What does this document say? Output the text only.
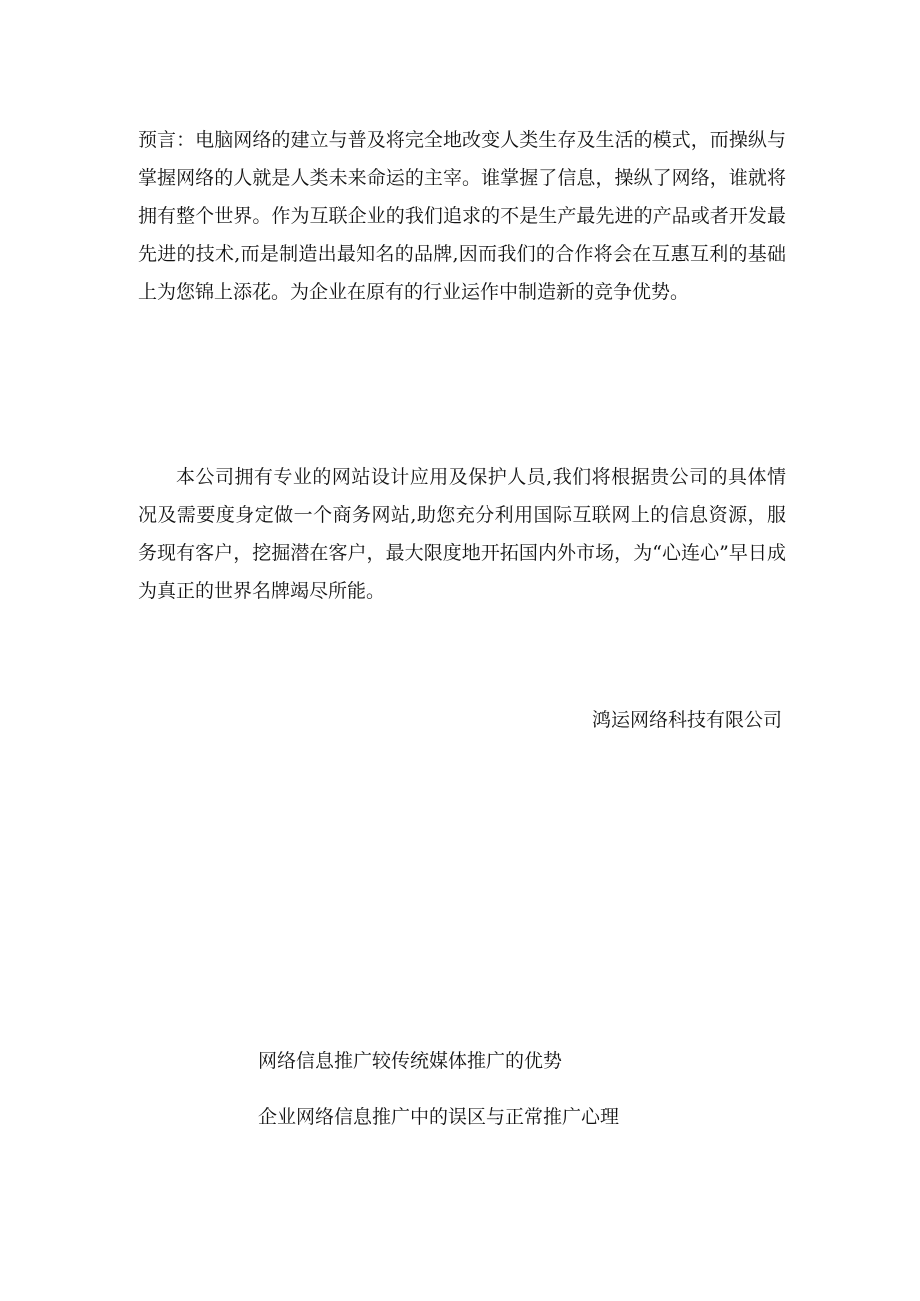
预言：电脑网络的建立与普及将完全地改变人类生存及生活的模式，而操纵与掌握网络的人就是人类未来命运的主宰。谁掌握了信息，操纵了网络，谁就将拥有整个世界。作为互联企业的我们追求的不是生产最先进的产品或者开发最先进的技术,而是制造出最知名的品牌,因而我们的合作将会在互惠互利的基础上为您锦上添花。为企业在原有的行业运作中制造新的竞争优势。

本公司拥有专业的网站设计应用及保护人员,我们将根据贵公司的具体情况及需要度身定做一个商务网站,助您充分利用国际互联网上的信息资源，服务现有客户，挖掘潜在客户，最大限度地开拓国内外市场，为“心连心”早日成为真正的世界名牌竭尽所能。

鸿运网络科技有限公司

网络信息推广较传统媒体推广的优势
企业网络信息推广中的误区与正常推广心理
